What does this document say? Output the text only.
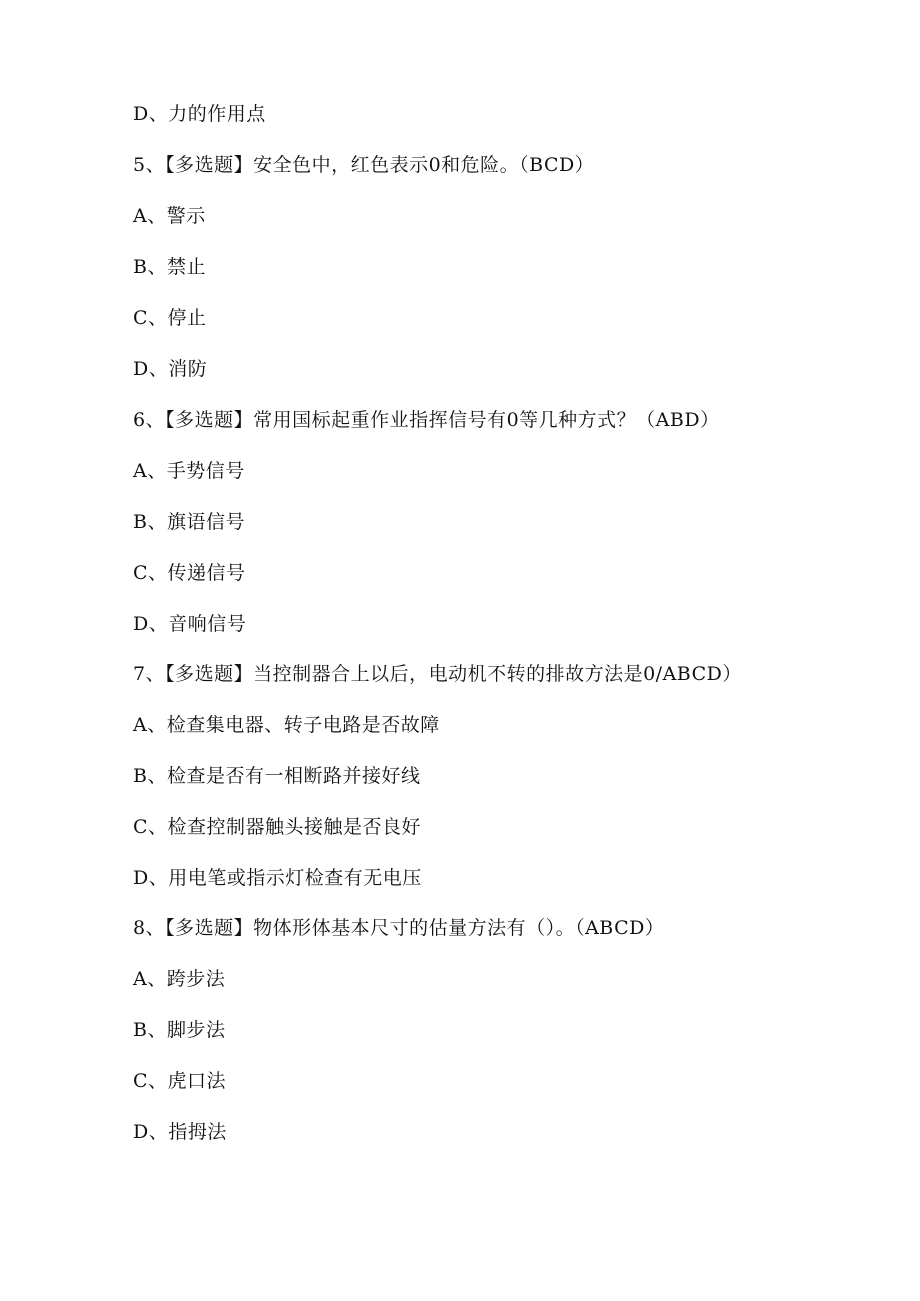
D、力的作用点
5、【多选题】安全色中，红色表示0和危险。（BCD）
A、警示
B、禁止
C、停止
D、消防
6、【多选题】常用国标起重作业指挥信号有0等几种方式？（ABD）
A、手势信号
B、旗语信号
C、传递信号
D、音响信号
7、【多选题】当控制器合上以后，电动机不转的排故方法是0/ABCD）
A、检查集电器、转子电路是否故障
B、检查是否有一相断路并接好线
C、检查控制器触头接触是否良好
D、用电笔或指示灯检查有无电压
8、【多选题】物体形体基本尺寸的估量方法有（）。（ABCD）
A、跨步法
B、脚步法
C、虎口法
D、指拇法
